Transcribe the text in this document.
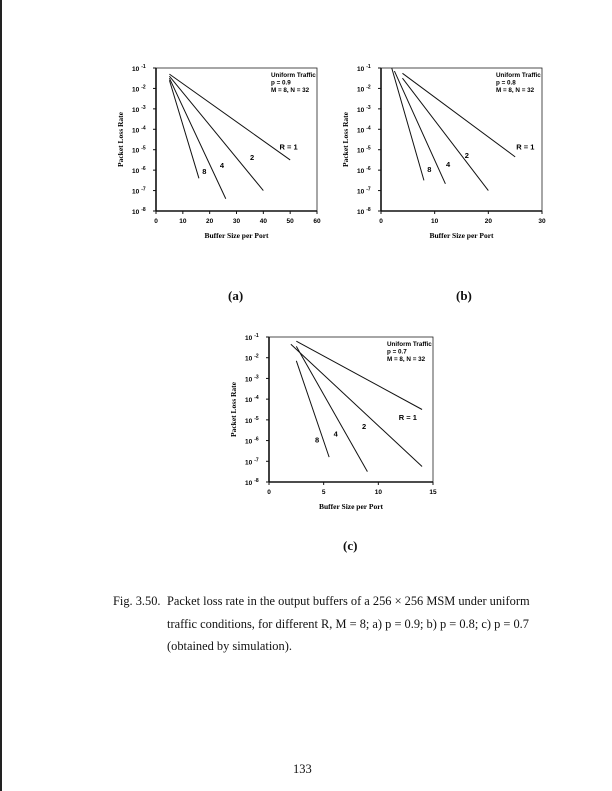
0	10	20	30	40	50	60
10 $^{-1}$
10 $^{-2}$
10 $^{-3}$
10 $^{-4}$
10 $^{-5}$
10 $^{-6}$
10 $^{-7}$
10 $^{-8}$
Buffer Size per Port
Packet Loss Rate
Uniform Traffic
p = 0.9
M = 8, N = 32
R = 1
2
4
8
0	10	20	30
10 $^{-1}$
10 $^{-2}$
10 $^{-3}$
10 $^{-4}$
10 $^{-5}$
10 $^{-6}$
10 $^{-7}$
10 $^{-8}$
Buffer Size per Port
Packet Loss Rate
Uniform Traffic
p = 0.8
M = 8, N = 32
R = 1
2
4
8
0	5	10	15
10 $^{-1}$
10 $^{-2}$
10 $^{-3}$
10 $^{-4}$
10 $^{-5}$
10 $^{-6}$
10 $^{-7}$
10 $^{-8}$
Buffer Size per Port
Packet Loss Rate
Uniform Traffic
p = 0.7
M = 8, N = 32
R = 1
2
4
8
(a)	(b)
(c)
Fig. 3.50. Packet loss rate in the output buffers of a 256 × 256 MSM under uniform traffic conditions, for different R, M = 8; a) p = 0.9; b) p = 0.8; c) p = 0.7 (obtained by simulation).
133
